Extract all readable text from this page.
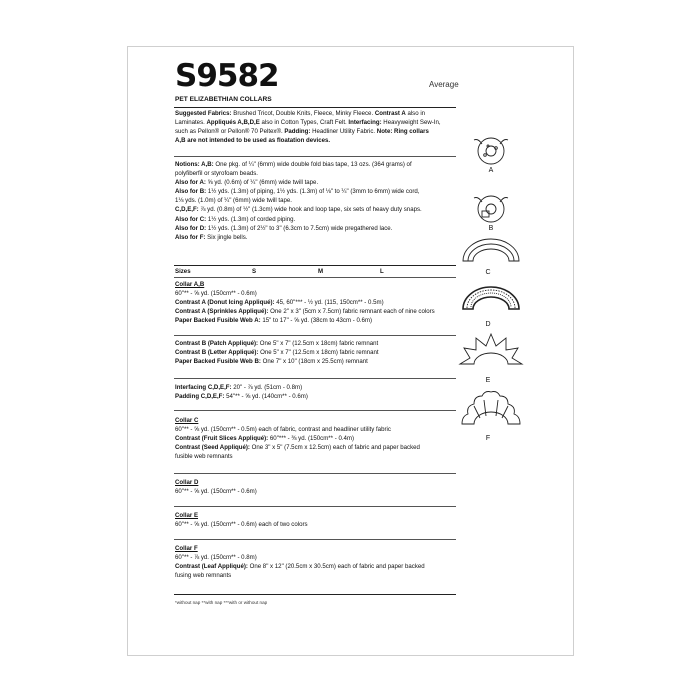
S9582	Average
PET ELIZABETHIAN COLLARS
Suggested Fabrics: Brushed Tricot, Double Knits, Fleece, Minky Fleece. Contrast A also in
Laminates. Appliqués A,B,D,E also in Cotton Types, Craft Felt. Interfacing: Heavyweight Sew-In,
such as Pellon® or Pellon® 70 Peltex®. Padding: Headliner Utility Fabric. Note: Ring collars
A,B are not intended to be used as floatation devices.
Notions: A,B: One pkg. of ¼" (6mm) wide double fold bias tape, 13 ozs. (364 grams) of
polyfiberfil or styrofoam beads.
Also for A: ⅝ yd. (0.6m) of ¼" (6mm) wide twill tape.
Also for B: 1½ yds. (1.3m) of piping, 1½ yds. (1.3m) of ⅛" to ¼" (3mm to 6mm) wide cord,
1⅛ yds. (1.0m) of ¼" (6mm) wide twill tape.
C,D,E,F: ⅞ yd. (0.8m) of ½" (1.3cm) wide hook and loop tape, six sets of heavy duty snaps.
Also for C: 1½ yds. (1.3m) of corded piping.
Also for D: 1½ yds. (1.3m) of 2½" to 3" (6.3cm to 7.5cm) wide pregathered lace.
Also for F: Six jingle bells.
Sizes	S	M	L
Collar A,B
60"** - ⅝ yd. (150cm** - 0.6m)
Contrast A (Donut Icing Appliqué): 45, 60"*** - ½ yd. (115, 150cm** - 0.5m)
Contrast A (Sprinkles Appliqué): One 2" x 3" (5cm x 7.5cm) fabric remnant each of nine colors
Paper Backed Fusible Web A: 15" to 17" - ⅝ yd. (38cm to 43cm - 0.6m)
Contrast B (Patch Appliqué): One 5" x 7" (12.5cm x 18cm) fabric remnant
Contrast B (Letter Appliqué): One 5" x 7" (12.5cm x 18cm) fabric remnant
Paper Backed Fusible Web B: One 7" x 10" (18cm x 25.5cm) remnant
Interfacing C,D,E,F: 20" - ⅞ yd. (51cm - 0.8m)
Padding C,D,E,F: 54"** - ⅝ yd. (140cm** - 0.6m)
Collar C
60"** - ⅝ yd. (150cm** - 0.5m) each of fabric, contrast and headliner utility fabric
Contrast (Fruit Slices Appliqué): 60"*** - ⅜ yd. (150cm** - 0.4m)
Contrast (Seed Appliqué): One 3" x 5" (7.5cm x 12.5cm) each of fabric and paper backed
fusible web remnants
Collar D
60"** - ⅝ yd. (150cm** - 0.6m)
Collar E
60"** - ⅝ yd. (150cm** - 0.6m) each of two colors
Collar F
60"** - ⅞ yd. (150cm** - 0.8m)
Contrast (Leaf Appliqué): One 8" x 12" (20.5cm x 30.5cm) each of fabric and paper backed
fusing web remnants
*without nap **with nap ***with or without nap
A
B
C
D
E
F
